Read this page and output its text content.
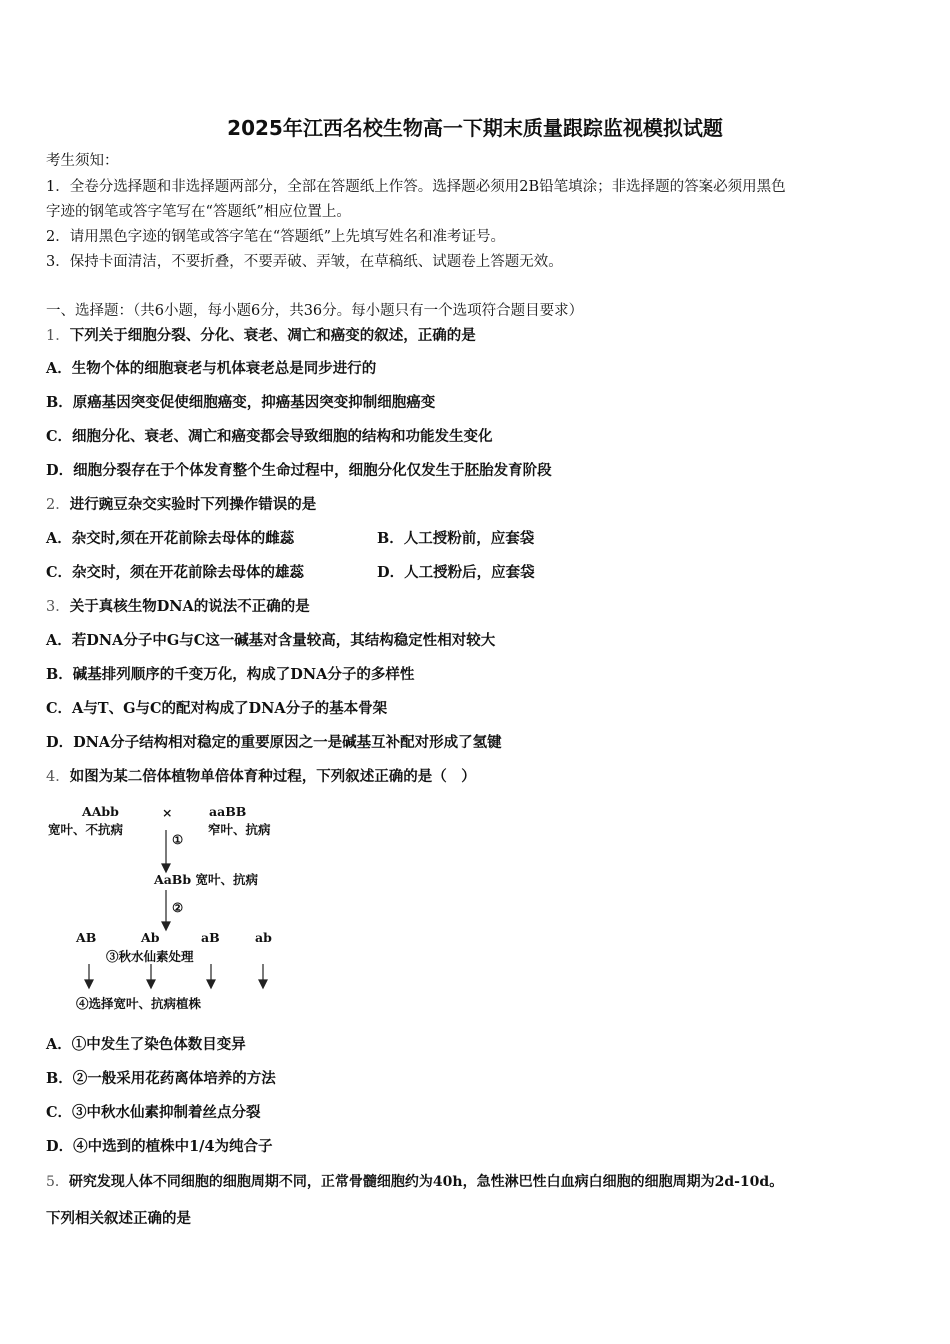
2025年江西名校生物高一下期末质量跟踪监视模拟试题
考生须知：
1．全卷分选择题和非选择题两部分，全部在答题纸上作答。选择题必须用2B铅笔填涂；非选择题的答案必须用黑色
字迹的钢笔或答字笔写在“答题纸”相应位置上。
2．请用黑色字迹的钢笔或答字笔在“答题纸”上先填写姓名和准考证号。
3．保持卡面清洁，不要折叠，不要弄破、弄皱，在草稿纸、试题卷上答题无效。
一、选择题：（共6小题，每小题6分，共36分。每小题只有一个选项符合题目要求）
1．下列关于细胞分裂、分化、衰老、凋亡和癌变的叙述，正确的是
A．生物个体的细胞衰老与机体衰老总是同步进行的
B．原癌基因突变促使细胞癌变，抑癌基因突变抑制细胞癌变
C．细胞分化、衰老、凋亡和癌变都会导致细胞的结构和功能发生变化
D．细胞分裂存在于个体发育整个生命过程中，细胞分化仅发生于胚胎发育阶段
2．进行豌豆杂交实验时下列操作错误的是
A．杂交时,须在开花前除去母体的雌蕊	B．人工授粉前，应套袋
C．杂交时，须在开花前除去母体的雄蕊	D．人工授粉后，应套袋
3．关于真核生物DNA的说法不正确的是
A．若DNA分子中G与C这一碱基对含量较高，其结构稳定性相对较大
B．碱基排列顺序的千变万化，构成了DNA分子的多样性
C．A与T、G与C的配对构成了DNA分子的基本骨架
D．DNA分子结构相对稳定的重要原因之一是碱基互补配对形成了氢键
4．如图为某二倍体植物单倍体育种过程，下列叙述正确的是（　）
AAbb
宽叶、不抗病
×	aaBB
窄叶、抗病
①
AaBb 宽叶、抗病
②
AB	Ab	aB	ab
③秋水仙素处理
④选择宽叶、抗病植株
A．①中发生了染色体数目变异
B．②一般采用花药离体培养的方法
C．③中秋水仙素抑制着丝点分裂
D．④中选到的植株中1/4为纯合子
5．研究发现人体不同细胞的细胞周期不同，正常骨髓细胞约为40h，急性淋巴性白血病白细胞的细胞周期为2d-10d。
下列相关叙述正确的是
